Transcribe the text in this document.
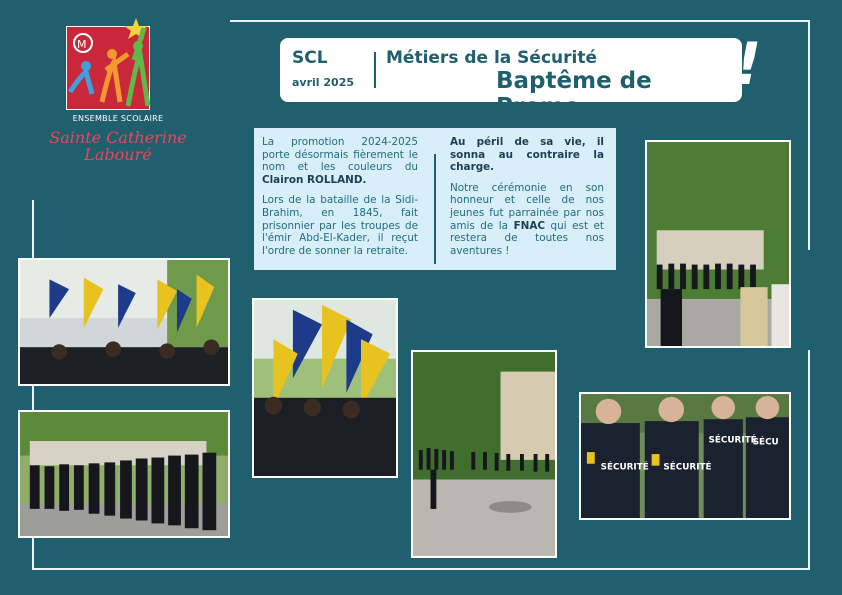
M
ENSEMBLE SCOLAIRE
Sainte Catherine
Labouré
SCL
avril 2025
Métiers de la Sécurité
Baptême de Promo
!

La promotion 2024-2025 porte désormais fièrement le nom et les couleurs du Clairon ROLLAND.

Lors de la bataille de la Sidi-Brahim, en 1845, fait prisonnier par les troupes de l'émir Abd-El-Kader, il reçut l'ordre de sonner la retraite.

Au péril de sa vie, il sonna au contraire la charge.

Notre cérémonie en son honneur et celle de nos jeunes fut parrainée par nos amis de la FNAC qui est et restera de toutes nos aventures !

SÉCURITÉ SÉCURITÉ
SÉCURITÉ
SÉCU
